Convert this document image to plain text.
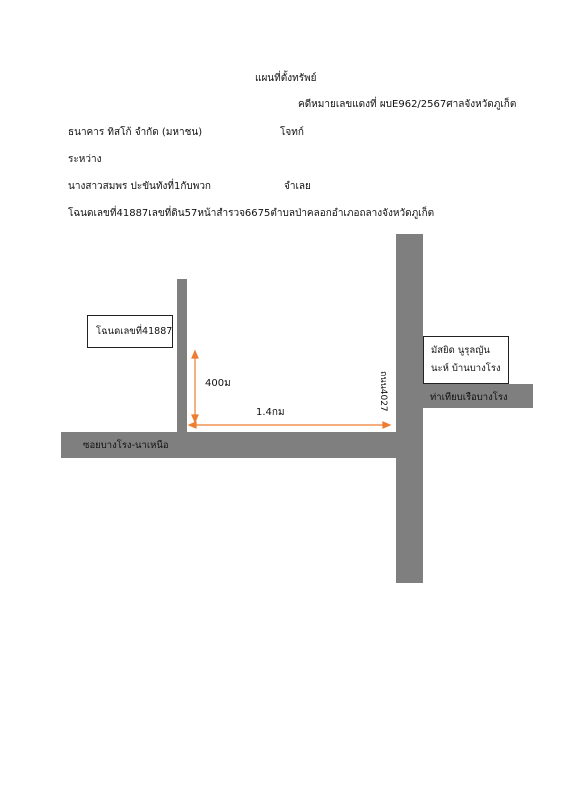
แผนที่ตั้งทรัพย์
คดีหมายเลขแดงที่ ผบE962/2567ศาลจังหวัดภูเก็ต
ธนาคาร ทิสโก้ จำกัด (มหาชน)	โจทก์
ระหว่าง
นางสาวสมพร ปะขันทังที่1กับพวก	จำเลย
โฉนดเลขที่41887เลขที่ดิน57หน้าสำรวจ6675ตำบลป่าคลอกอำเภอถลางจังหวัดภูเก็ต
ถนน4027
ซอยบางโรง-นาเหนือ
ท่าเทียบเรือบางโรง
โฉนดเลขที่41887
มัสยิด นูรุลญัน
นะห์ บ้านบางโรง
400ม
1.4กม
